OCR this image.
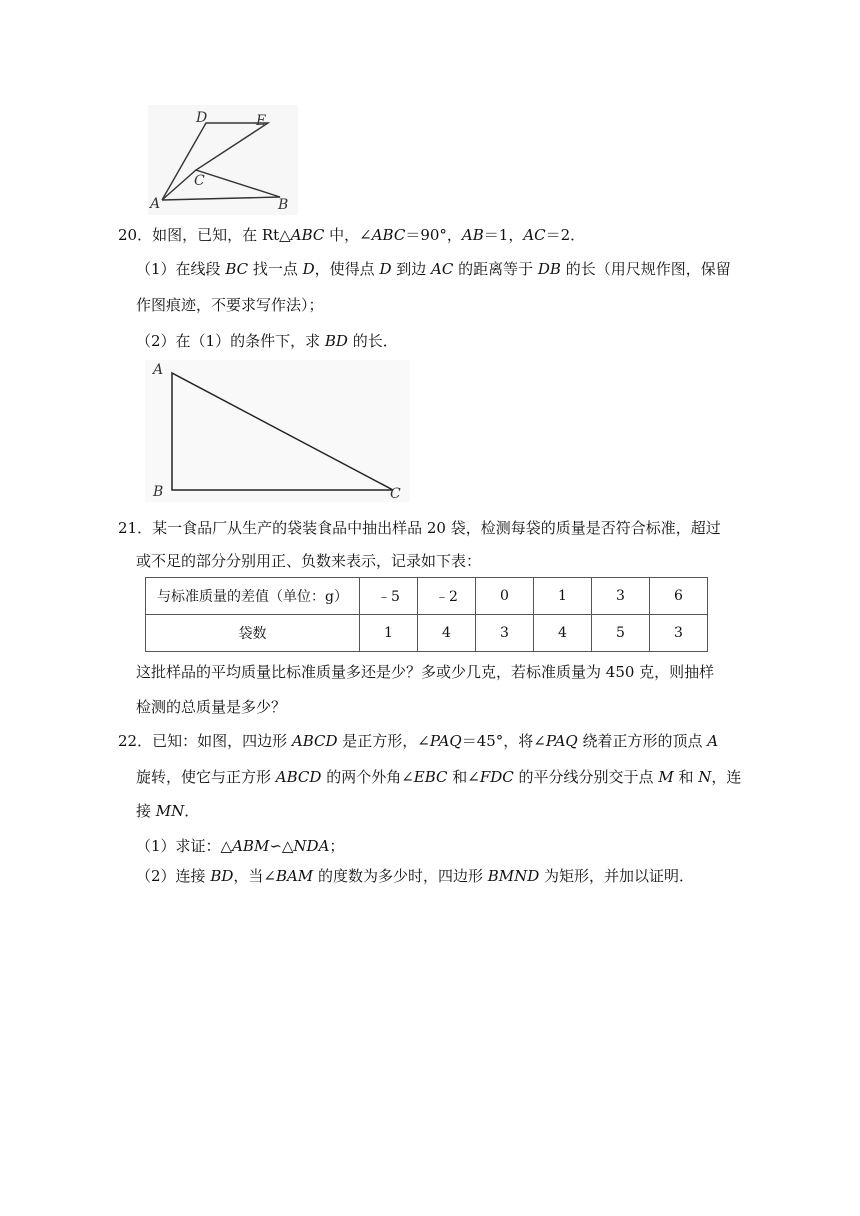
D	E
C
A	B
20．如图，已知，在 Rt△ABC 中，∠ABC＝90°，AB＝1，AC＝2．
（1）在线段 BC 找一点 D，使得点 D 到边 AC 的距离等于 DB 的长（用尺规作图，保留
作图痕迹，不要求写作法）；
（2）在（1）的条件下，求 BD 的长．
A
B	C
21．某一食品厂从生产的袋装食品中抽出样品 20 袋，检测每袋的质量是否符合标准，超过
或不足的部分分别用正、负数来表示，记录如下表：
与标准质量的差值（单位：g）	﹣5	﹣2	0	1	3	6
袋数	1	4	3	4	5	3
这批样品的平均质量比标准质量多还是少？多或少几克，若标准质量为 450 克，则抽样
检测的总质量是多少？
22．已知：如图，四边形 ABCD 是正方形，∠PAQ＝45°，将∠PAQ 绕着正方形的顶点 A
旋转，使它与正方形 ABCD 的两个外角∠EBC 和∠FDC 的平分线分别交于点 M 和 N，连
接 MN．
（1）求证：△ABM∽△NDA；
（2）连接 BD，当∠BAM 的度数为多少时，四边形 BMND 为矩形，并加以证明．
